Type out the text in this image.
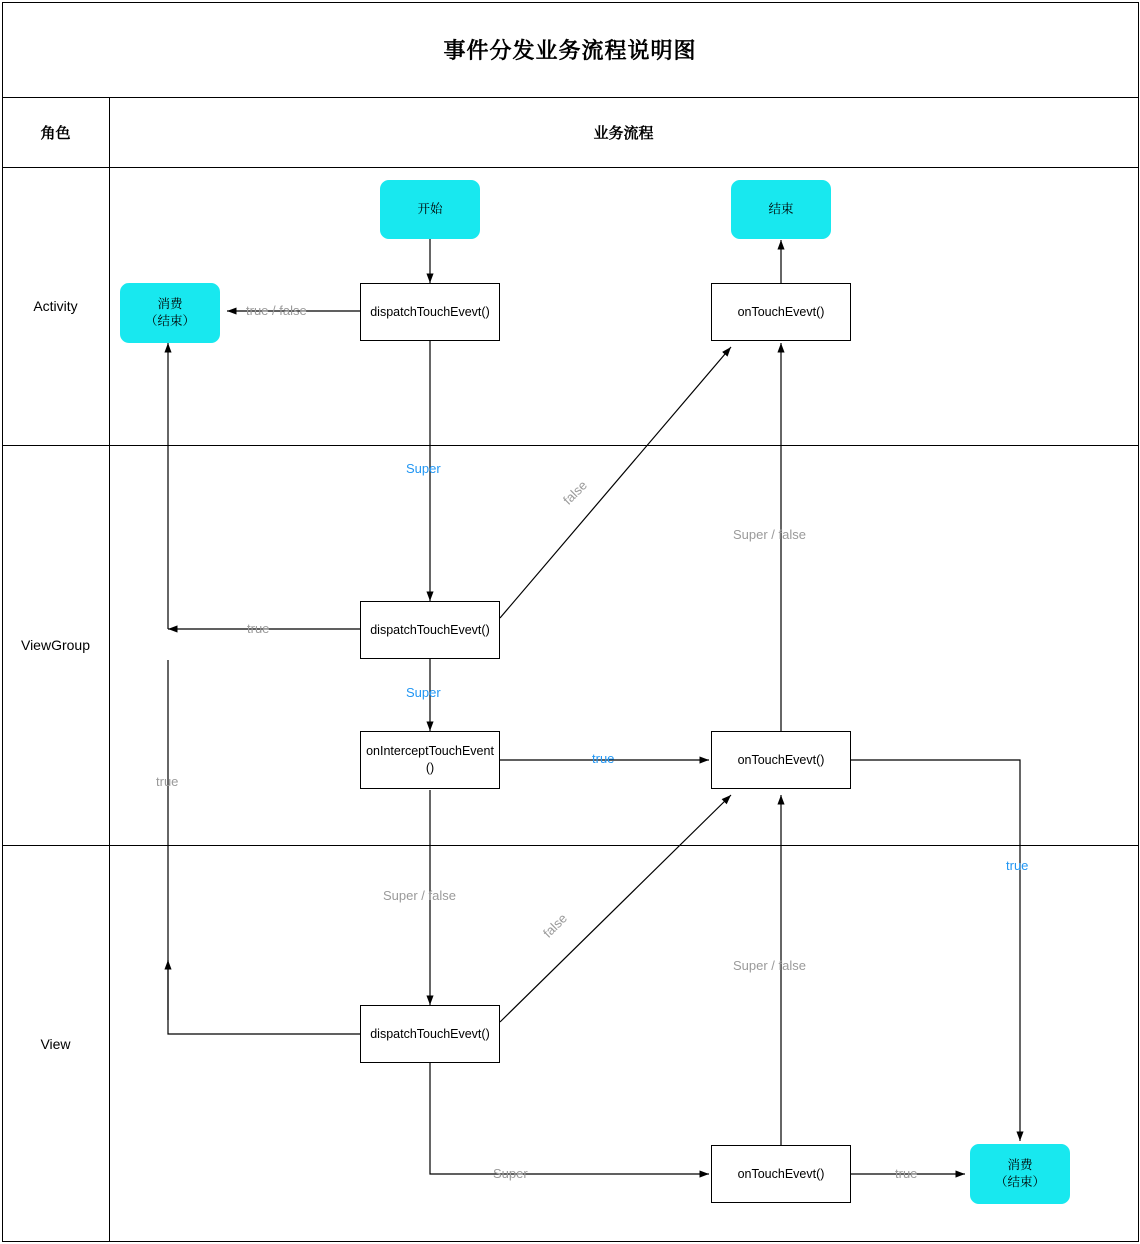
事件分发业务流程说明图
角色	业务流程
Activity
ViewGroup
View
开始	结束
消费
（结束）
dispatchTouchEvevt()	onTouchEvevt()
dispatchTouchEvevt()
onInterceptTouchEvent
()
onTouchEvevt()
dispatchTouchEvevt()
onTouchEvevt()
消费
（结束）
true / false
Super
Super / false
false
true
Super
true
true
Super / false
false
Super / false
Super	true
true
